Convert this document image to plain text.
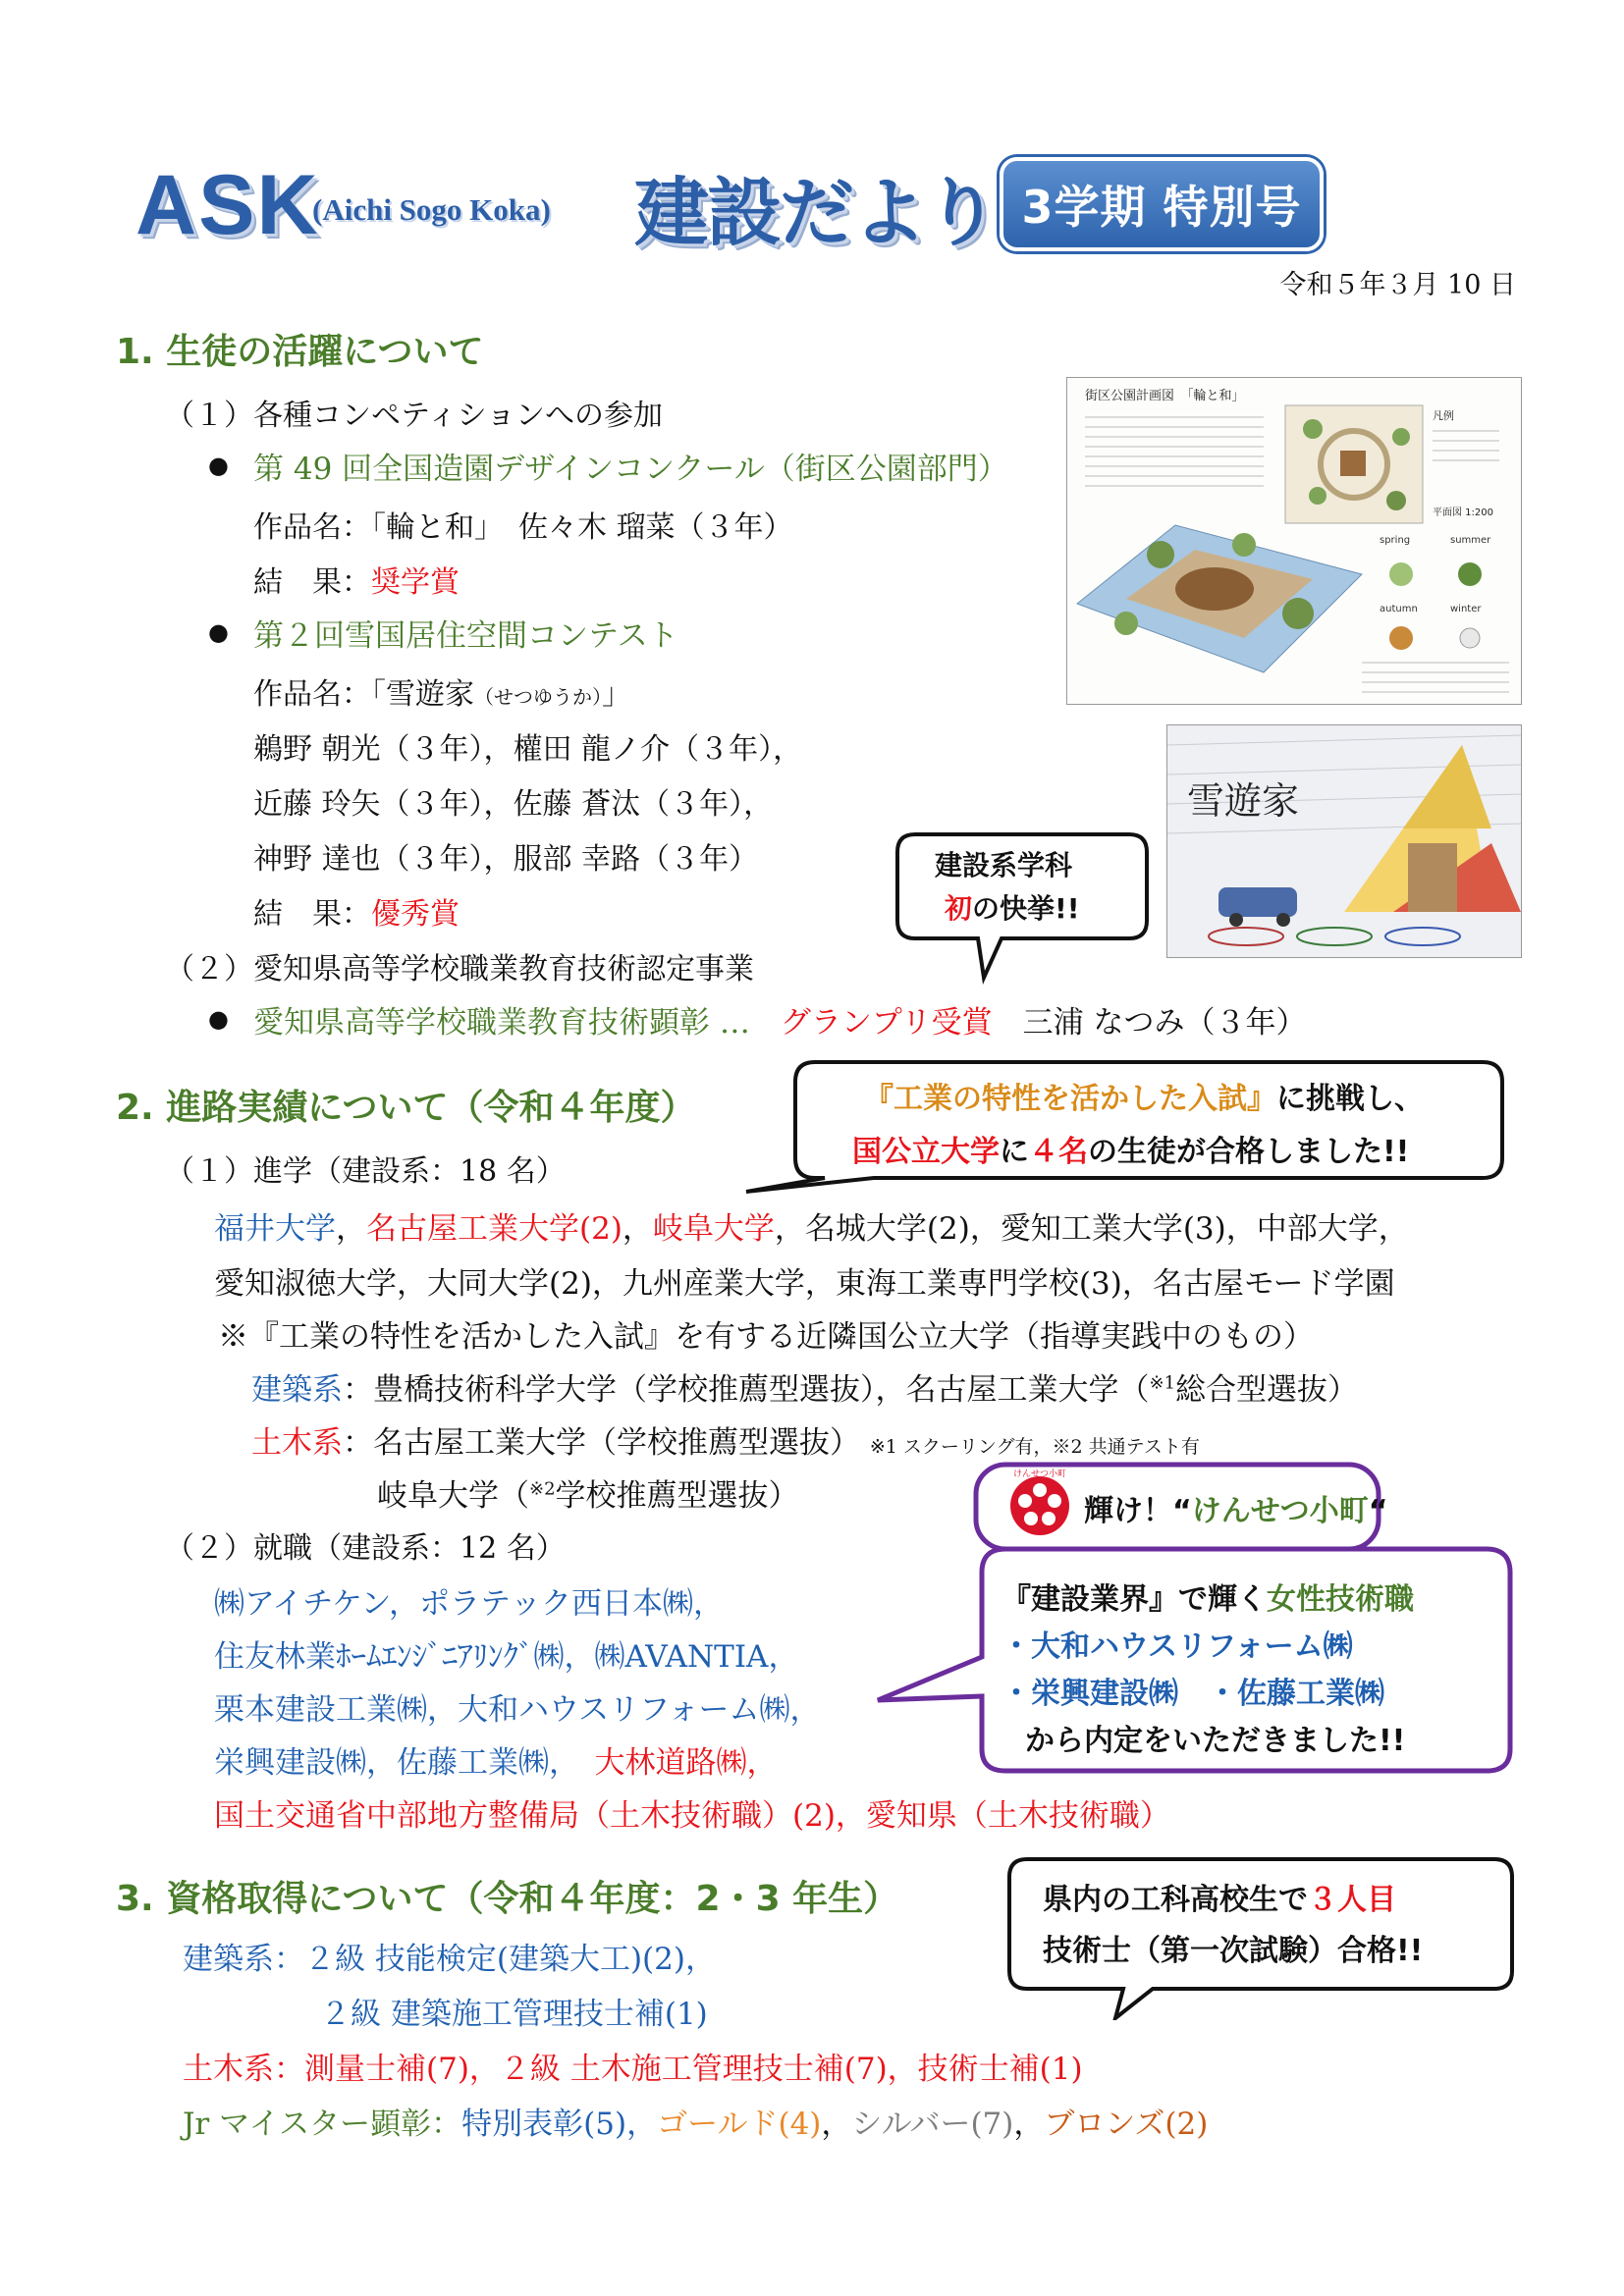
ASK
(Aichi Sogo Koka) 建設だより 3学期 特別号
令和５年３月 10 日
1. 生徒の活躍について
（１）各種コンペティションへの参加
● 第 49 回全国造園デザインコンクール（街区公園部門）
作品名：「輪と和」　佐々木 瑠菜（３年）
結　果：奨学賞
● 第２回雪国居住空間コンテスト
作品名：「雪遊家（せつゆうか）」
鵜野 朝光（３年），權田 龍ノ介（３年），
近藤 玲矢（３年），佐藤 蒼汰（３年），
神野 達也（３年），服部 幸路（３年）
結　果：優秀賞
建設系学科
初の快挙!!
（２）愛知県高等学校職業教育技術認定事業
● 愛知県高等学校職業教育技術顕彰 …　 グランプリ受賞　 三浦 なつみ（３年）
街区公園計画図　「輪と和」
凡例
平面図 1:200
spring	summer
autumn	winter
雪遊家
2. 進路実績について（令和４年度）	『工業の特性を活かした入試』に挑戦し、
国公立大学に４名の生徒が合格しました!!
（１）進学（建設系：18 名）
福井大学，名古屋工業大学(2)，岐阜大学，名城大学(2)，愛知工業大学(3)，中部大学，
愛知淑徳大学，大同大学(2)，九州産業大学，東海工業専門学校(3)，名古屋モード学園
※『工業の特性を活かした入試』を有する近隣国公立大学（指導実践中のもの）
建築系：豊橋技術科学大学（学校推薦型選抜），名古屋工業大学（$^{※1}$総合型選抜）
土木系：名古屋工業大学（学校推薦型選抜） ※1 スクーリング有，※2 共通テスト有
岐阜大学（$^{※2}$学校推薦型選抜）
（２）就職（建設系：12 名）
㈱アイチケン，ポラテック西日本㈱，
住友林業ﾎｰﾑｴﾝｼﾞﾆｱﾘﾝｸﾞ㈱，㈱AVANTIA，
栗本建設工業㈱，大和ハウスリフォーム㈱，
栄興建設㈱，佐藤工業㈱，　 大林道路㈱，
国土交通省中部地方整備局（土木技術職）(2)，愛知県（土木技術職）
けんせつ小町
輝け！“けんせつ小町“
『建設業界』で輝く女性技術職
・大和ハウスリフォーム㈱
・栄興建設㈱　・佐藤工業㈱
から内定をいただきました!!
3. 資格取得について（令和４年度：2・3 年生）	県内の工科高校生で３人目
技術士（第一次試験）合格!!
建築系：２級 技能検定(建築大工)(2)，
２級 建築施工管理技士補(1)
土木系：測量士補(7)，２級 土木施工管理技士補(7)，技術士補(1)
Jr マイスター顕彰：特別表彰(5)，ゴールド(4)，シルバー(7)，ブロンズ(2)
